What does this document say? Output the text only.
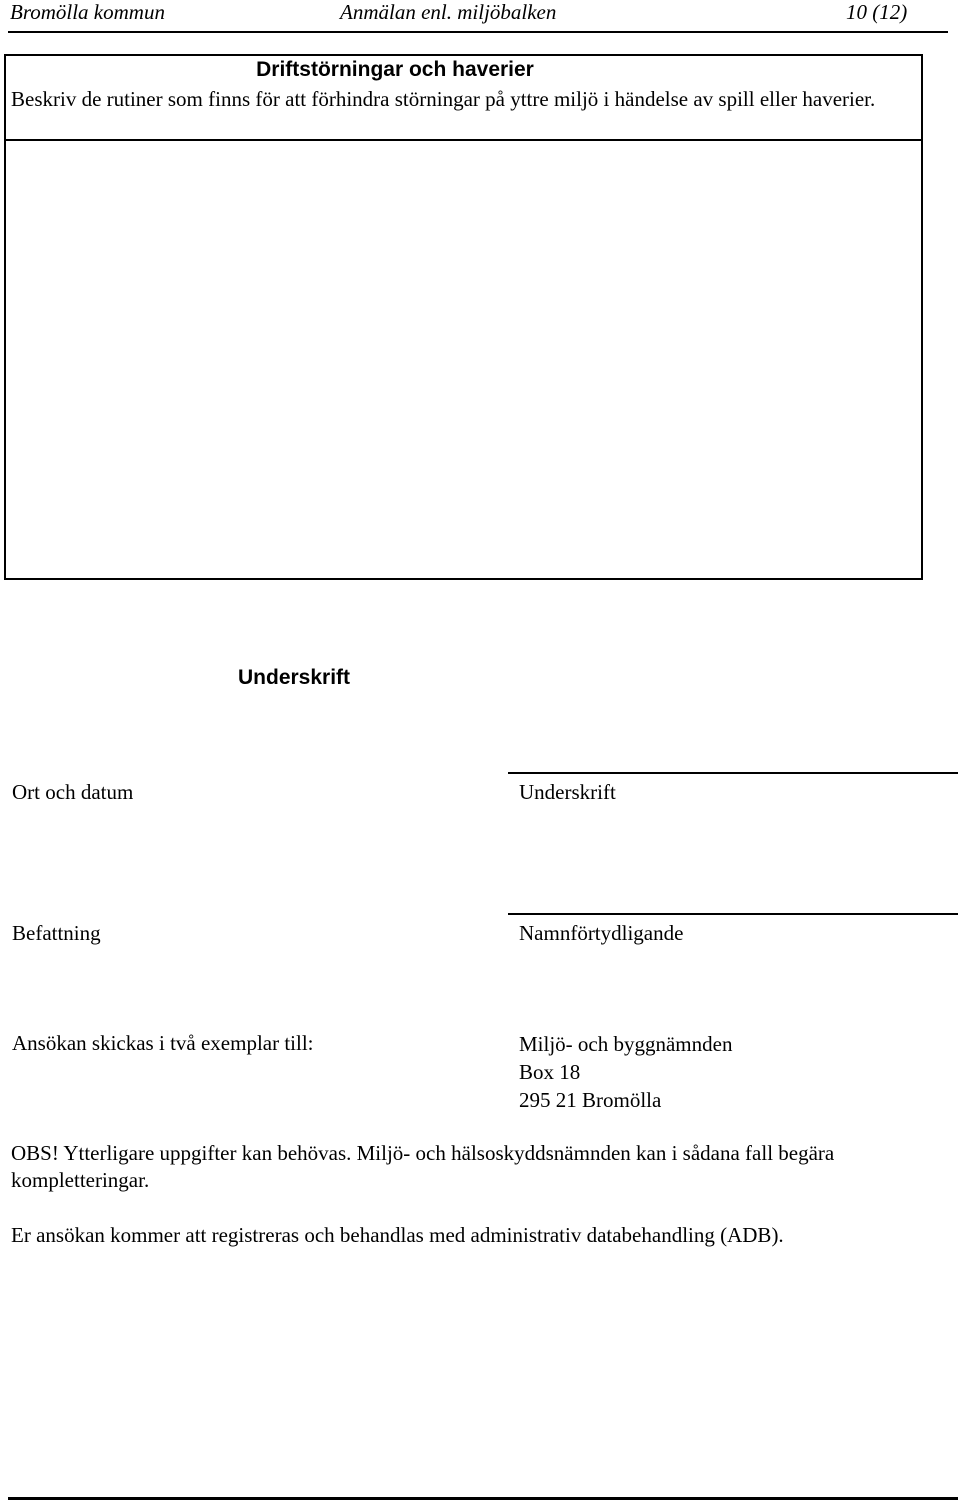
Bromölla kommun	Anmälan enl. miljöbalken	10 (12)
Driftstörningar och haverier
Beskriv de rutiner som finns för att förhindra störningar på yttre miljö i händelse av spill eller haverier.
Underskrift
Ort och datum	Underskrift
Befattning	Namnförtydligande
Ansökan skickas i två exemplar till:	Miljö- och byggnämnden
Box 18
295 21 Bromölla
OBS! Ytterligare uppgifter kan behövas. Miljö- och hälsoskyddsnämnden kan i sådana fall begära kompletteringar.
Er ansökan kommer att registreras och behandlas med administrativ databehandling (ADB).
